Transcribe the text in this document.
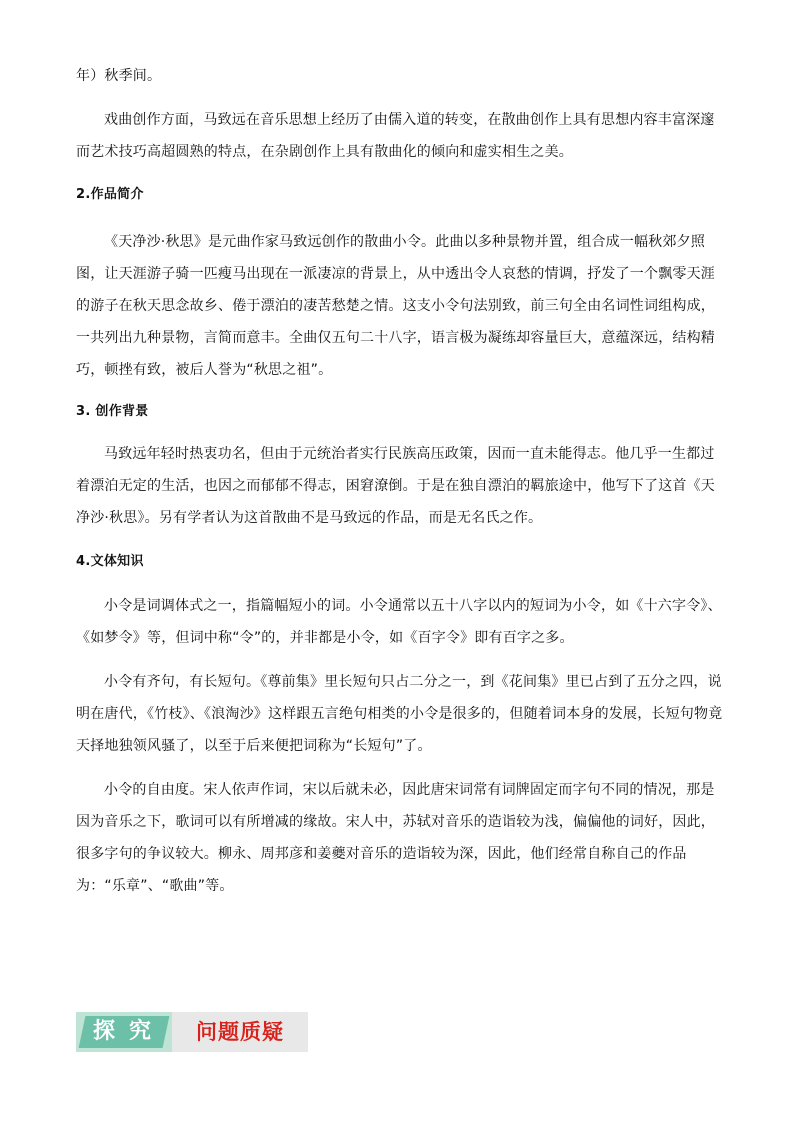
年）秋季间。
戏曲创作方面，马致远在音乐思想上经历了由儒入道的转变，在散曲创作上具有思想内容丰富深邃而艺术技巧高超圆熟的特点，在杂剧创作上具有散曲化的倾向和虚实相生之美。
2.作品简介
《天净沙·秋思》是元曲作家马致远创作的散曲小令。此曲以多种景物并置，组合成一幅秋郊夕照图，让天涯游子骑一匹瘦马出现在一派凄凉的背景上，从中透出令人哀愁的情调，抒发了一个飘零天涯的游子在秋天思念故乡、倦于漂泊的凄苦愁楚之情。这支小令句法别致，前三句全由名词性词组构成，一共列出九种景物，言简而意丰。全曲仅五句二十八字，语言极为凝练却容量巨大，意蕴深远，结构精巧，顿挫有致，被后人誉为“秋思之祖”。
3. 创作背景
马致远年轻时热衷功名，但由于元统治者实行民族高压政策，因而一直未能得志。他几乎一生都过着漂泊无定的生活，也因之而郁郁不得志，困窘潦倒。于是在独自漂泊的羁旅途中，他写下了这首《天净沙·秋思》。另有学者认为这首散曲不是马致远的作品，而是无名氏之作。
4.文体知识
小令是词调体式之一，指篇幅短小的词。小令通常以五十八字以内的短词为小令，如《十六字令》、《如梦令》等，但词中称“令”的，并非都是小令，如《百字令》即有百字之多。
小令有齐句，有长短句。《尊前集》里长短句只占二分之一，到《花间集》里已占到了五分之四，说明在唐代，《竹枝》、《浪淘沙》这样跟五言绝句相类的小令是很多的，但随着词本身的发展，长短句物竟天择地独领风骚了，以至于后来便把词称为“长短句”了。
小令的自由度。宋人依声作词，宋以后就未必，因此唐宋词常有词牌固定而字句不同的情况，那是因为音乐之下，歌词可以有所增减的缘故。宋人中，苏轼对音乐的造诣较为浅，偏偏他的词好，因此，很多字句的争议较大。柳永、周邦彦和姜夔对音乐的造诣较为深，因此，他们经常自称自己的作品为：“乐章”、“歌曲”等。
探究	问题质疑
